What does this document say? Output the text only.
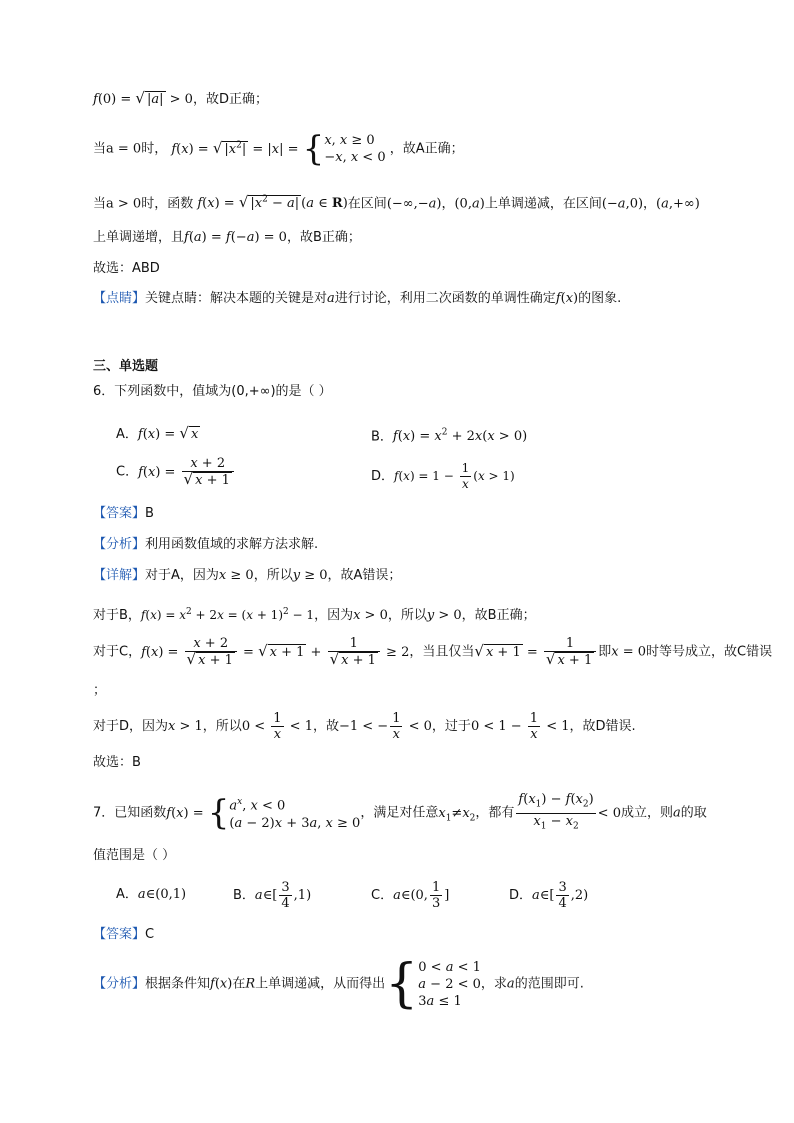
f(0) = √ |a| > 0，故D正确；
当a = 0时， f(x) = √ $|x^2| = |x|$ = { x, x ≥ 0
−x, x < 0
，故A正确；
当a > 0时，函数 f(x) = √ $|x^2 - a|$ (a ∈ R)在区间(−∞,−a)，(0,a)上单调递减，在区间(−a,0)，(a,+∞)
上单调递增，且f(a) = f(−a) = 0，故B正确；
故选：ABD
【点睛】关键点睛：解决本题的关键是对a进行讨论，利用二次函数的单调性确定f(x)的图象.
三、单选题
6．下列函数中，值域为(0,+∞)的是（ ）
A．f(x) = √ x	B．$f(x) = x^2 + 2x(x > 0)$
C．$f(x) = \frac{x + 2}{√ x + 1}$	D．$f(x) = 1 - \frac{1}{x} (x > 1)$
【答案】B
【分析】利用函数值域的求解方法求解.
【详解】对于A，因为x ≥ 0，所以y ≥ 0，故A错误；
对于B，$f(x) = x^2 + 2x = (x + 1)^2 - 1$，因为x > 0，所以y > 0，故B正确；
对于C，$f(x) = \frac{x + 2}{√ x + 1}$ = √ $x + 1 + \frac{1}{√ x + 1} \ge 2$，当且仅当√ $x + 1 = \frac{1}{√ x + 1}$ 即x = 0时等号成立，故C错误
；
对于D，因为x > 1，所以$0 < \frac{1}{x} < 1$，故−1 < − $\frac{1}{x} < 0$，过于$0 < 1 - \frac{1}{x} < 1$，故D错误.
故选：B
7．已知函数f(x) = { $a^x$, x < 0
(a − 2)x + 3a, x ≥ 0
，满足对任意$x_1\ne x_2$，都有 $\frac{f(x_1) - f(x_2)}{x_1 - x_2} < 0$成立，则a的取
值范围是（ ）
A．a∈(0,1)	B．a∈[ $\frac{3}{4} ,1$)	C．a∈(0, $\frac{1}{3}$ ]	D．a∈[ $\frac{3}{4} ,2$)
【答案】C
【分析】根据条件知f(x)在R上单调递减，从而得出 { 0 < a < 1
a − 2 < 0
3a ≤ 1
，求a的范围即可.
